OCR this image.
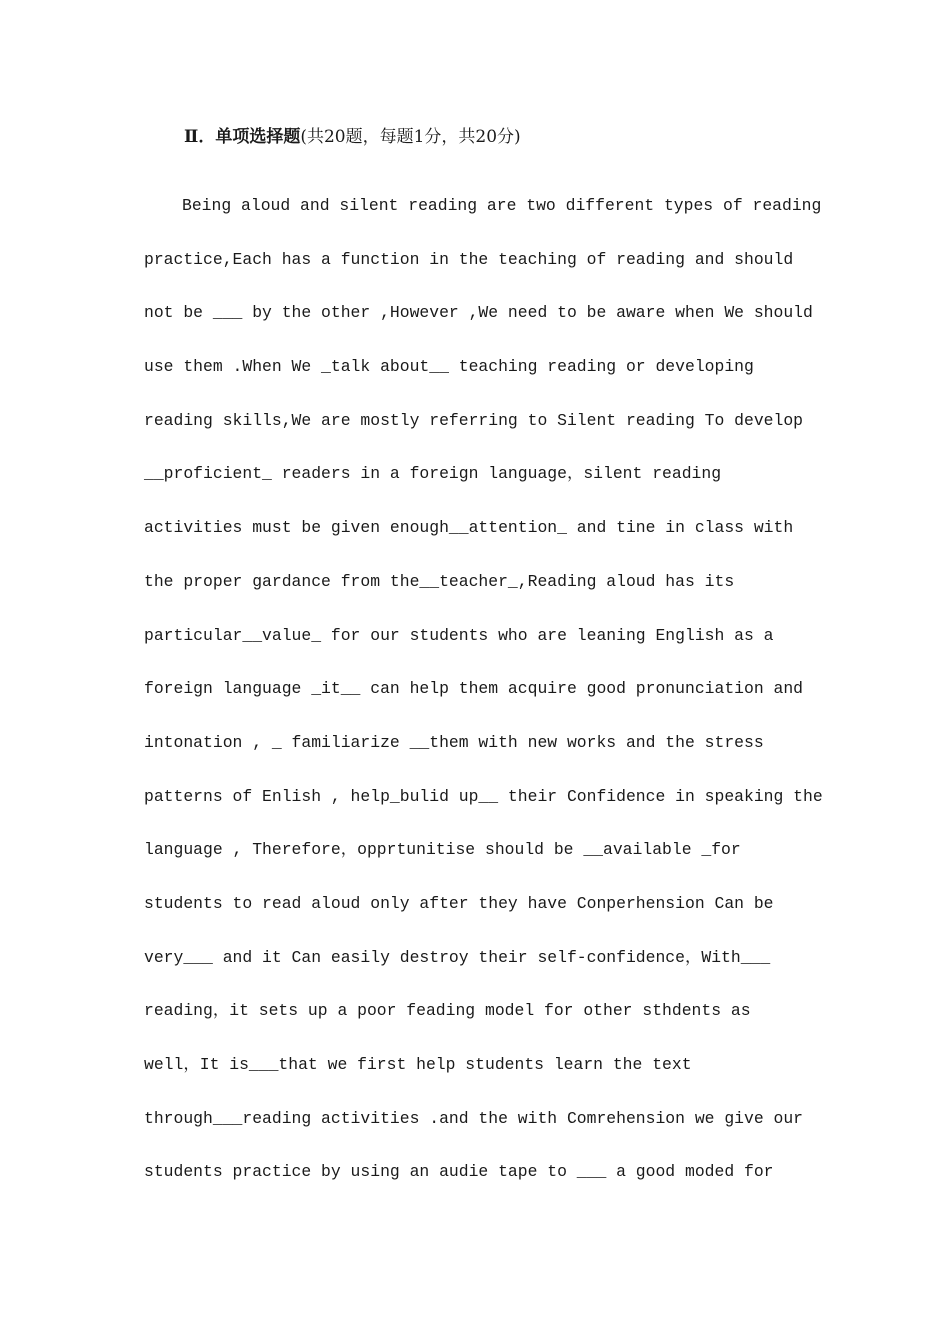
Ⅱ．单项选择题(共20题，每题1分，共20分)
Being aloud and silent reading are two different types of reading
practice,Each has a function in the teaching of reading and should
not be ___ by the other ,However ,We need to be aware when We should
use them .When We _talk about__ teaching reading or developing
reading skills,We are mostly referring to Silent reading To develop
__proficient_ readers in a foreign language，silent reading
activities must be given enough__attention_ and tine in class with
the proper gardance from the__teacher_,Reading aloud has its
particular__value_ for our students who are leaning English as a
foreign language _it__ can help them acquire good pronunciation and
intonation , _ familiarize __them with new works and the stress
patterns of Enlish , help_bulid up__ their Confidence in speaking the
language , Therefore，opprtunitise should be __available _for
students to read aloud only after they have Conperhension Can be
very___ and it Can easily destroy their self-confidence，With___
reading，it sets up a poor feading model for other sthdents as
well，It is___that we first help students learn the text
through___reading activities .and the with Comrehension we give our
students practice by using an audie tape to ___ a good moded for
